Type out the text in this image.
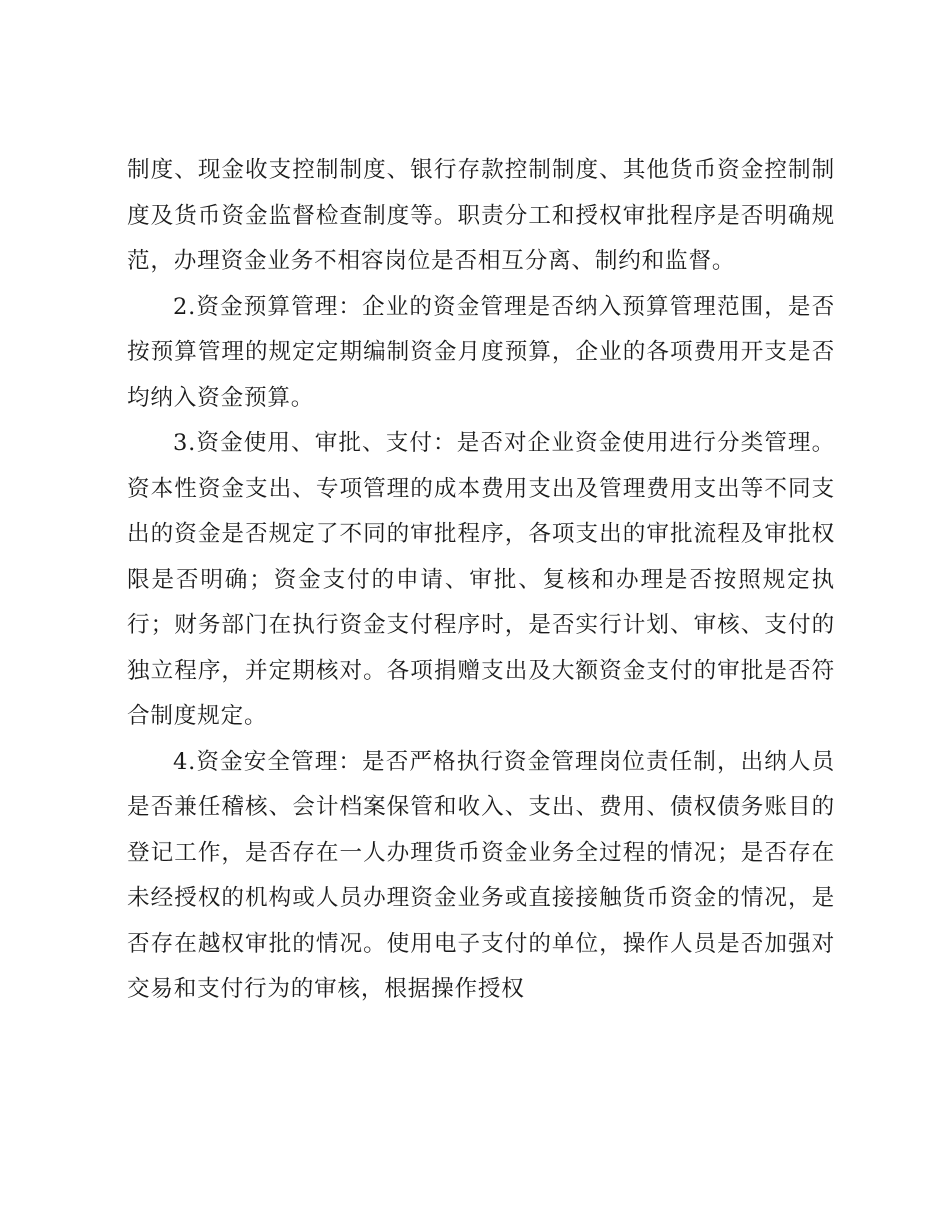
制度、现金收支控制制度、银行存款控制制度、其他货币资金控制制度及货币资金监督检查制度等。职责分工和授权审批程序是否明确规范，办理资金业务不相容岗位是否相互分离、制约和监督。

2.资金预算管理：企业的资金管理是否纳入预算管理范围，是否按预算管理的规定定期编制资金月度预算，企业的各项费用开支是否均纳入资金预算。

3.资金使用、审批、支付：是否对企业资金使用进行分类管理。资本性资金支出、专项管理的成本费用支出及管理费用支出等不同支出的资金是否规定了不同的审批程序，各项支出的审批流程及审批权限是否明确；资金支付的申请、审批、复核和办理是否按照规定执行；财务部门在执行资金支付程序时，是否实行计划、审核、支付的独立程序，并定期核对。各项捐赠支出及大额资金支付的审批是否符合制度规定。

4.资金安全管理：是否严格执行资金管理岗位责任制，出纳人员是否兼任稽核、会计档案保管和收入、支出、费用、债权债务账目的登记工作，是否存在一人办理货币资金业务全过程的情况；是否存在未经授权的机构或人员办理资金业务或直接接触货币资金的情况，是否存在越权审批的情况。使用电子支付的单位，操作人员是否加强对交易和支付行为的审核，根据操作授权
